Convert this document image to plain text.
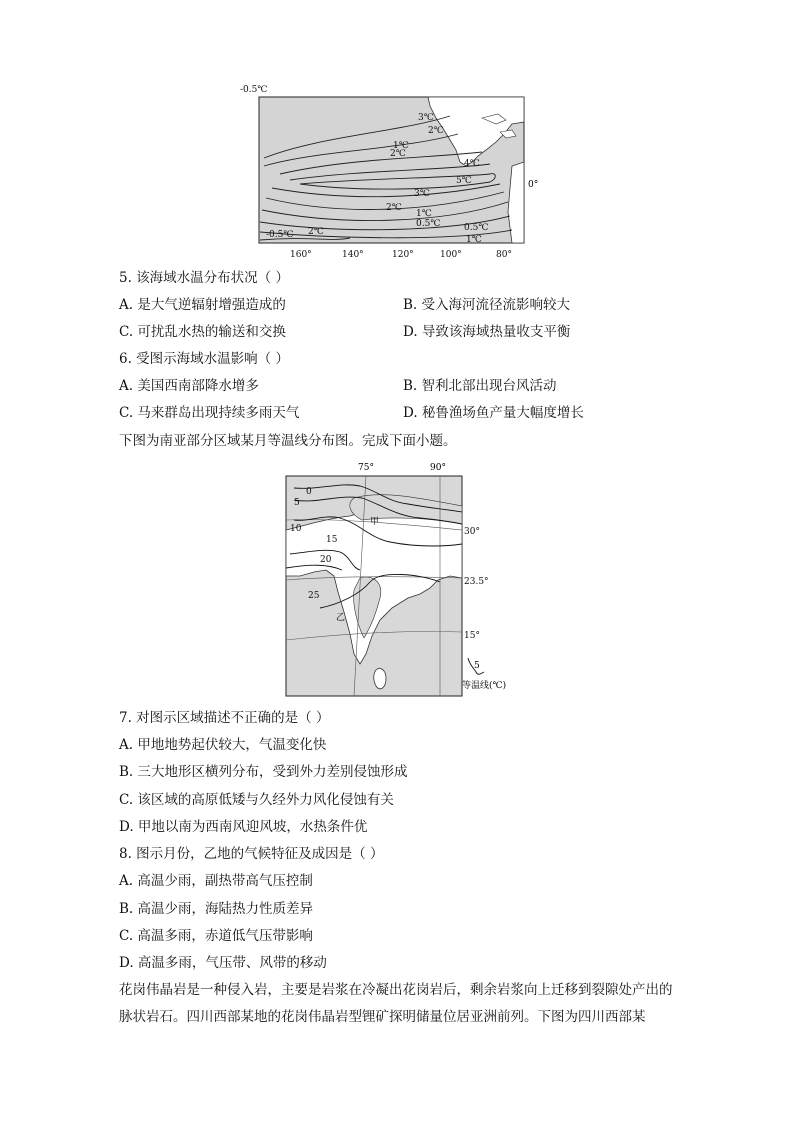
3℃
2℃
1℃
2℃
4℃
5℃
3℃
2℃
1℃
0.5℃	0.5℃
1℃
-0.5℃
2℃
0°
160°	140°	120°	100°	80°
-0.5℃
5. 该海域水温分布状况（ ）
A. 是大气逆辐射增强造成的	B. 受入海河流径流影响较大
C. 可扰乱水热的输送和交换	D. 导致该海域热量收支平衡
6. 受图示海域水温影响（ ）
A. 美国西南部降水增多	B. 智利北部出现台风活动
C. 马来群岛出现持续多雨天气	D. 秘鲁渔场鱼产量大幅度增长
下图为南亚部分区域某月等温线分布图。完成下面小题。
75°	90°
0
5
10
15
20
25
甲
乙
30°
23.5°
15°
5
等温线(℃)
7. 对图示区域描述不正确的是（ ）
A. 甲地地势起伏较大，气温变化快
B. 三大地形区横列分布，受到外力差别侵蚀形成
C. 该区域的高原低矮与久经外力风化侵蚀有关
D. 甲地以南为西南风迎风坡，水热条件优
8. 图示月份，乙地的气候特征及成因是（ ）
A. 高温少雨，副热带高气压控制
B. 高温少雨，海陆热力性质差异
C. 高温多雨，赤道低气压带影响
D. 高温多雨，气压带、风带的移动
花岗伟晶岩是一种侵入岩，主要是岩浆在冷凝出花岗岩后，剩余岩浆向上迁移到裂隙处产出的脉状岩石。四川西部某地的花岗伟晶岩型锂矿探明储量位居亚洲前列。下图为四川西部某
